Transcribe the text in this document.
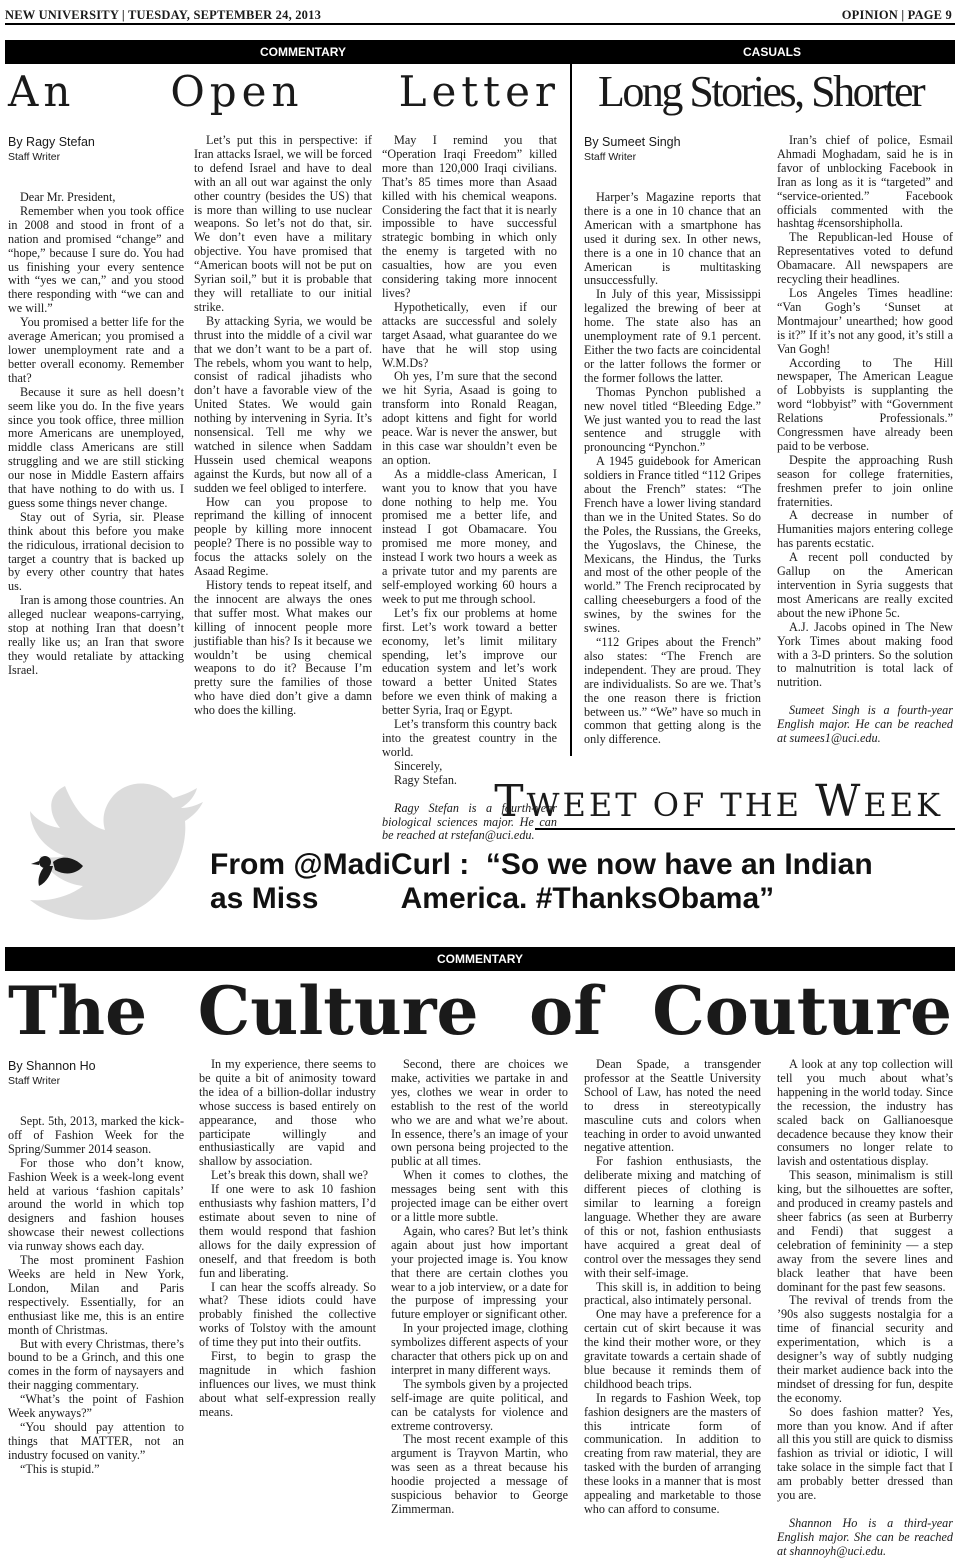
NEW UNIVERSITY | TUESDAY, SEPTEMBER 24, 2013	OPINION | PAGE 9
COMMENTARY	CASUALS
An Open Letter Long Stories, Shorter

By Ragy Stefan

Staff Writer

Dear Mr. President,

Remember when you took office in 2008 and stood in front of a nation and promised “change” and “hope,” because I sure do. You had us finishing your every sentence with “yes we can,” and you stood there responding with “we can and we will.”

You promised a better life for the average American; you promised a lower unemployment rate and a better overall economy. Remember that?

Because it sure as hell doesn’t seem like you do. In the five years since you took office, three million more Americans are unemployed, middle class Americans are still struggling and we are still sticking our nose in Middle Eastern affairs that have nothing to do with us. I guess some things never change.

Stay out of Syria, sir. Please think about this before you make the ridiculous, irrational decision to target a country that is backed up by every other country that hates us.

Iran is among those countries. An alleged nuclear weapons-carrying, stop at nothing Iran that doesn’t really like us; an Iran that swore they would retaliate by attacking Israel.

Let’s put this in perspective: if Iran attacks Israel, we will be forced to defend Israel and have to deal with an all out war against the only other country (besides the US) that is more than willing to use nuclear weapons. So let’s not do that, sir. We don’t even have a military objective. You have promised that “American boots will not be put on Syrian soil,” but it is probable that they will retalliate to our initial strike.

By attacking Syria, we would be thrust into the middle of a civil war that we don’t want to be a part of. The rebels, whom you want to help, consist of radical jihadists who don’t have a favorable view of the United States. We would gain nothing by intervening in Syria. It’s nonsensical. Tell me why we watched in silence when Saddam Hussein used chemical weapons against the Kurds, but now all of a sudden we feel obliged to interfere.

How can you propose to reprimand the killing of innocent people by killing more innocent people? There is no possible way to focus the attacks solely on the Asaad Regime.

History tends to repeat itself, and the innocent are always the ones that suffer most. What makes our killing of innocent people more justifiable than his? Is it because we wouldn’t be using chemical weapons to do it? Because I’m pretty sure the families of those who have died don’t give a damn who does the killing.

May I remind you that “Operation Iraqi Freedom” killed more than 120,000 Iraqi civilians. That’s 85 times more than Asaad killed with his chemical weapons. Considering the fact that it is nearly impossible to have successful strategic bombing in which only the enemy is targeted with no casualties, how are you even considering taking more innocent lives?

Hypothetically, even if our attacks are successful and solely target Asaad, what guarantee do we have that he will stop using W.M.Ds?

Oh yes, I’m sure that the second we hit Syria, Asaad is going to transform into Ronald Reagan, adopt kittens and fight for world peace. War is never the answer, but in this case war shouldn’t even be an option.

As a middle-class American, I want you to know that you have done nothing to help me. You promised me a better life, and instead I got Obamacare. You promised me more money, and instead I work two hours a week as a private tutor and my parents are self-employed working 60 hours a week to put me through school.

Let’s fix our problems at home first. Let’s work toward a better economy, let’s limit military spending, let’s improve our education system and let’s work toward a better United States before we even think of making a better Syria, Iraq or Egypt.

Let’s transform this country back into the greatest country in the world.

Sincerely,

Ragy Stefan.

Ragy Stefan is a fourth-year biological sciences major. He can be reached at rstefan@uci.edu.

By Sumeet Singh

Staff Writer

Harper’s Magazine reports that there is a one in 10 chance that an American with a smartphone has used it during sex. In other news, there is a one in 10 chance that an American is multitasking unsuccessfully.

In July of this year, Mississippi legalized the brewing of beer at home. The state also has an unemployment rate of 9.1 percent. Either the two facts are coincidental or the latter follows the former or the former follows the latter.

Thomas Pynchon published a new novel titled “Bleeding Edge.” We just wanted you to read the last sentence and struggle with pronouncing “Pynchon.”

A 1945 guidebook for American soldiers in France titled “112 Gripes about the French” states: “The French have a lower living standard than we in the United States. So do the Poles, the Russians, the Greeks, the Yugoslavs, the Chinese, the Mexicans, the Hindus, the Turks and most of the other people of the world.” The French reciprocated by calling cheeseburgers a food of the swines, by the swines for the swines.

“112 Gripes about the French” also states: “The French are independent. They are proud. They are individualists. So are we. That’s the one reason there is friction between us.” “We” have so much in common that getting along is the only difference.

Iran’s chief of police, Esmail Ahmadi Moghadam, said he is in favor of unblocking Facebook in Iran as long as it is “targeted” and “service-oriented.” Facebook officials commented with the hashtag #censorshipholla.

The Republican-led House of Representatives voted to defund Obamacare. All newspapers are recycling their headlines.

Los Angeles Times headline: “Van Gogh’s ‘Sunset at Montmajour’ unearthed; how good is it?” If it’s not any good, it’s still a Van Gogh!

According to The Hill newspaper, The American League of Lobbyists is supplanting the word “lobbyist” with “Government Relations Professionals.” Congressmen have already been paid to be verbose.

Despite the approaching Rush season for college fraternities, freshmen prefer to join online fraternities.

A decrease in number of Humanities majors entering college has parents ecstatic.

A recent poll conducted by Gallup on the American intervention in Syria suggests that most Americans are really excited about the new iPhone 5c.

A.J. Jacobs opined in The New York Times about making food with a 3-D printers. So the solution to malnutrition is total lack of nutrition.

Sumeet Singh is a fourth-year English major. He can be reached at sumees1@uci.edu.

TWEET OF THE WEEK
From @MadiCurl :  “So we now have an Indian
as Miss          America. #ThanksObama”
COMMENTARY
The Culture of Couture

By Shannon Ho

Staff Writer

Sept. 5th, 2013, marked the kick-off of Fashion Week for the Spring/Summer 2014 season.

For those who don’t know, Fashion Week is a week-long event held at various ‘fashion capitals’ around the world in which top designers and fashion houses showcase their newest collections via runway shows each day.

The most prominent Fashion Weeks are held in New York, London, Milan and Paris respectively. Essentially, for an enthusiast like me, this is an entire month of Christmas.

But with every Christmas, there’s bound to be a Grinch, and this one comes in the form of naysayers and their nagging commentary.

“What’s the point of Fashion Week anyways?”

“You should pay attention to things that MATTER, not an industry focused on vanity.”

“This is stupid.”

In my experience, there seems to be quite a bit of animosity toward the idea of a billion-dollar industry whose success is based entirely on appearance, and those who participate willingly and enthusiastically are vapid and shallow by association.

Let’s break this down, shall we?

If one were to ask 10 fashion enthusiasts why fashion matters, I’d estimate about seven to nine of them would respond that fashion allows for the daily expression of oneself, and that freedom is both fun and liberating.

I can hear the scoffs already. So what? These idiots could have probably finished the collective works of Tolstoy with the amount of time they put into their outfits.

First, to begin to grasp the magnitude in which fashion influences our lives, we must think about what self-expression really means.

Second, there are choices we make, activities we partake in and yes, clothes we wear in order to establish to the rest of the world who we are and what we’re about. In essence, there’s an image of your own persona being projected to the public at all times.

When it comes to clothes, the messages being sent with this projected image can be either overt or a little more subtle.

Again, who cares? But let’s think again about just how important your projected image is. You know that there are certain clothes you wear to a job interview, or a date for the purpose of impressing your future employer or significant other.

In your projected image, clothing symbolizes different aspects of your character that others pick up on and interpret in many different ways.

The symbols given by a projected self-image are quite political, and can be catalysts for violence and extreme controversy.

The most recent example of this argument is Trayvon Martin, who was seen as a threat because his hoodie projected a message of suspicious behavior to George Zimmerman.

Dean Spade, a transgender professor at the Seattle University School of Law, has noted the need to dress in stereotypically masculine cuts and colors when teaching in order to avoid unwanted negative attention.

For fashion enthusiasts, the deliberate mixing and matching of different pieces of clothing is similar to learning a foreign language. Whether they are aware of this or not, fashion enthusiasts have acquired a great deal of control over the messages they send with their self-image.

This skill is, in addition to being practical, also intimately personal.

One may have a preference for a certain cut of skirt because it was the kind their mother wore, or they gravitate towards a certain shade of blue because it reminds them of childhood beach trips.

In regards to Fashion Week, top fashion designers are the masters of this intricate form of communication. In addition to creating from raw material, they are tasked with the burden of arranging these looks in a manner that is most appealing and marketable to those who can afford to consume.

A look at any top collection will tell you much about what’s happening in the world today. Since the recession, the industry has scaled back on Gallianoesque decadence because they know their consumers no longer relate to lavish and ostentatious display.

This season, minimalism is still king, but the silhouettes are softer, and produced in creamy pastels and sheer fabrics (as seen at Burberry and Fendi) that suggest a celebration of femininity — a step away from the severe lines and black leather that have been dominant for the past few seasons.

The revival of trends from the ’90s also suggests nostalgia for a time of financial security and experimentation, which is a designer’s way of subtly nudging their market audience back into the mindset of dressing for fun, despite the economy.

So does fashion matter? Yes, more than you know. And if after all this you still are quick to dismiss fashion as trivial or idiotic, I will take solace in the simple fact that I am probably better dressed than you are.

Shannon Ho is a third-year English major. She can be reached at shannoyh@uci.edu.
